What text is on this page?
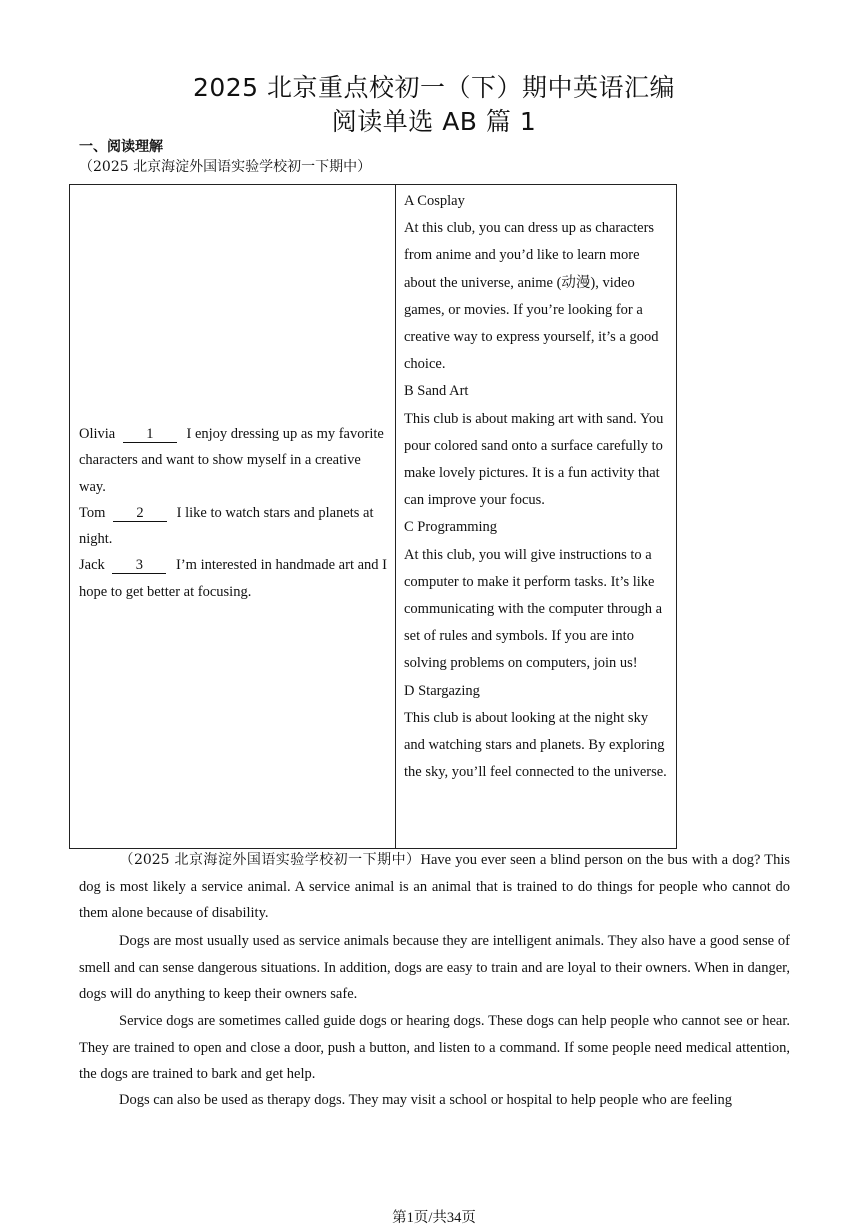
2025 北京重点校初一（下）期中英语汇编
阅读单选 AB 篇 1
一、阅读理解
（2025 北京海淀外国语实验学校初一下期中）
Olivia 1 I enjoy dressing up as my favorite characters and want to show myself in a creative way.
Tom 2 I like to watch stars and planets at night.
Jack 3 I’m interested in handmade art and I hope to get better at focusing.
A Cosplay
At this club, you can dress up as characters from anime and you’d like to learn more about the universe, anime (动漫), video games, or movies. If you’re looking for a creative way to express yourself, it’s a good choice.
B Sand Art
This club is about making art with sand. You pour colored sand onto a surface carefully to make lovely pictures. It is a fun activity that can improve your focus.
C Programming
At this club, you will give instructions to a computer to make it perform tasks. It’s like communicating with the computer through a set of rules and symbols. If you are into solving problems on computers, join us!
D Stargazing
This club is about looking at the night sky and watching stars and planets. By exploring the sky, you’ll feel connected to the universe.
（2025 北京海淀外国语实验学校初一下期中）Have you ever seen a blind person on the bus with a dog? This dog is most likely a service animal. A service animal is an animal that is trained to do things for people who cannot do them alone because of disability.
Dogs are most usually used as service animals because they are intelligent animals. They also have a good sense of smell and can sense dangerous situations. In addition, dogs are easy to train and are loyal to their owners. When in danger, dogs will do anything to keep their owners safe.
Service dogs are sometimes called guide dogs or hearing dogs. These dogs can help people who cannot see or hear. They are trained to open and close a door, push a button, and listen to a command. If some people need medical attention, the dogs are trained to bark and get help.
Dogs can also be used as therapy dogs. They may visit a school or hospital to help people who are feeling
第1页/共34页
